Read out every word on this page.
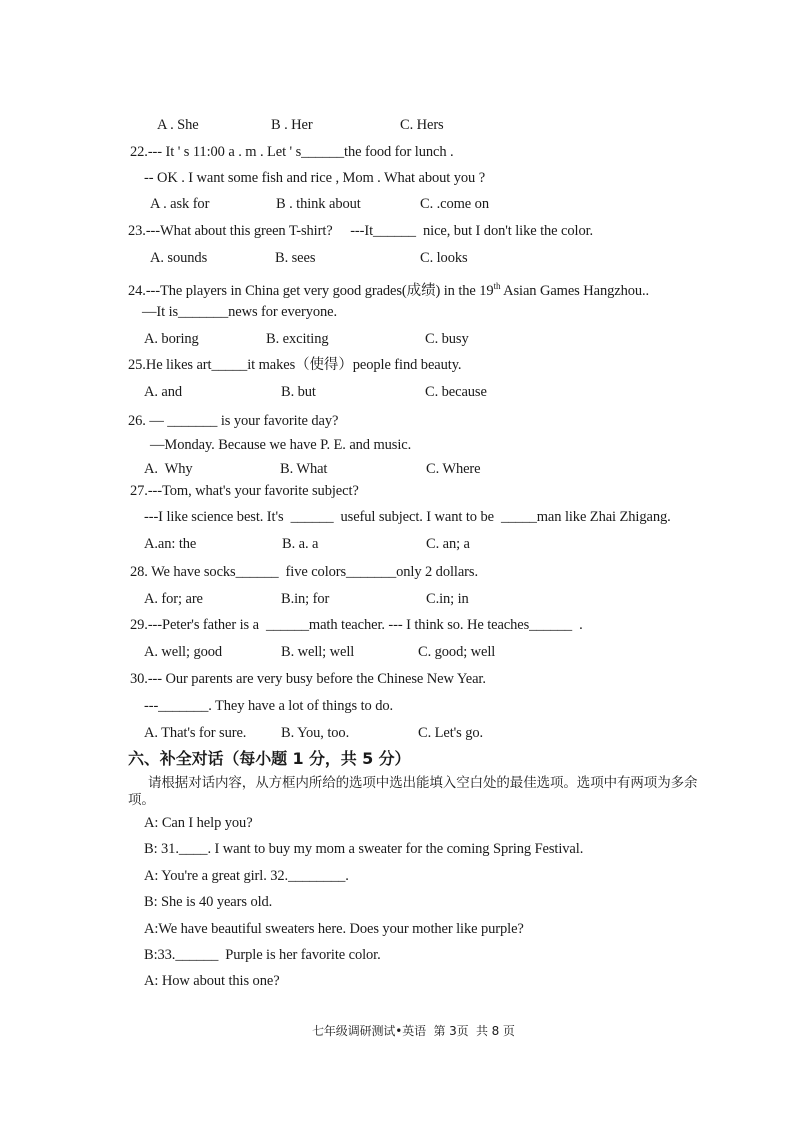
A . She	B . Her	C. Hers
22.--- It ' s 11:00 a . m . Let ' s______the food for lunch .
-- OK . I want some fish and rice , Mom . What about you ?
A . ask for	B . think about	C. .come on
23.---What about this green T-shirt?     ---It______  nice, but I don't like the color.
A. sounds	B. sees	C. looks
24.---The players in China get very good grades(成绩) in the 19th Asian Games Hangzhou..
—It is_______news for everyone.
A. boring	B. exciting	C. busy
25.He likes art_____it makes（使得）people find beauty.
A. and	B. but	C. because
26. — _______ is your favorite day?
—Monday. Because we have P. E. and music.
A.  Why	B. What	C. Where
27.---Tom, what's your favorite subject?
---I like science best. It's  ______  useful subject. I want to be  _____man like Zhai Zhigang.
A.an: the	B. a. a	C. an; a
28. We have socks______  five colors_______only 2 dollars.
A. for; are	B.in; for	C.in; in
29.---Peter's father is a  ______math teacher. --- I think so. He teaches______  .
A. well; good	B. well; well	C. good; well
30.--- Our parents are very busy before the Chinese New Year.
---_______. They have a lot of things to do.
A. That's for sure. B. You, too.	C. Let's go.
A: Can I help you?
B: 31.____. I want to buy my mom a sweater for the coming Spring Festival.
A: You're a great girl. 32.________.
B: She is 40 years old.
A:We have beautiful sweaters here. Does your mother like purple?
B:33.______  Purple is her favorite color.
A: How about this one?
六、补全对话（每小题 1 分，共 5 分）
请根据对话内容，从方框内所给的选项中选出能填入空白处的最佳选项。选项中有两项为多余项。
七年级调研测试•英语  第 3页  共 8 页
